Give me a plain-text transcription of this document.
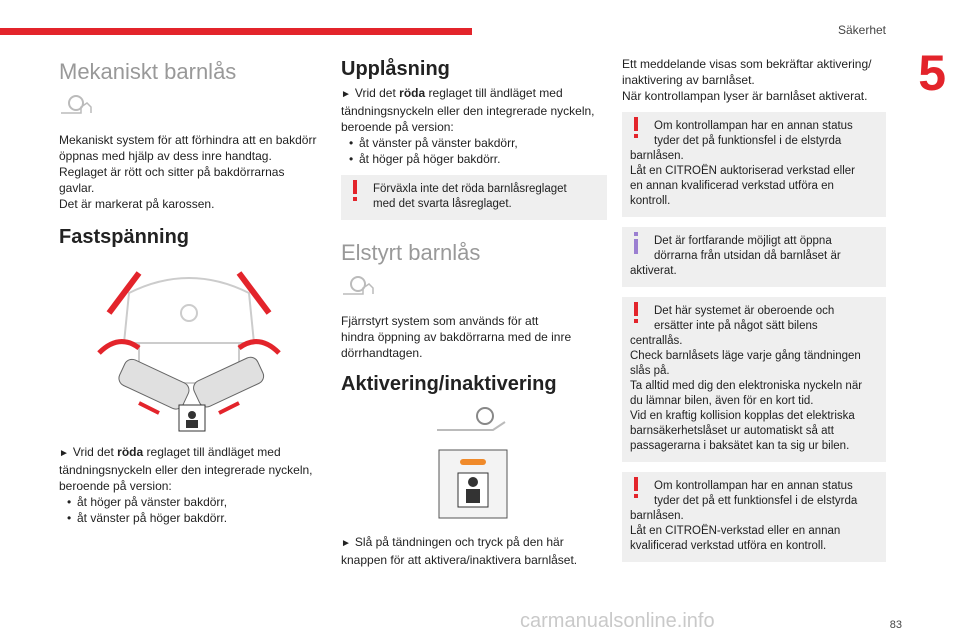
Säkerhet
5
Mekaniskt barnlås

Mekaniskt system för att förhindra att en bakdörr

öppnas med hjälp av dess inre handtag.

Reglaget är rött och sitter på bakdörrarnas

gavlar.

Det är markerat på karossen.

Fastspänning

► Vrid det röda reglaget till ändläget med

tändningsnyckeln eller den integrerade nyckeln,

beroende på version:

• åt höger på vänster bakdörr,
• åt vänster på höger bakdörr.
Upplåsning

► Vrid det röda reglaget till ändläget med

tändningsnyckeln eller den integrerade nyckeln,

beroende på version:

• åt vänster på vänster bakdörr,
• åt höger på höger bakdörr.

Förväxla inte det röda barnlåsreglaget

med det svarta låsreglaget.

Elstyrt barnlås

Fjärrstyrt system som används för att

hindra öppning av bakdörrarna med de inre

dörrhandtagen.

Aktivering/inaktivering

► Slå på tändningen och tryck på den här

knappen för att aktivera/inaktivera barnlåset.

Ett meddelande visas som bekräftar aktivering/

inaktivering av barnlåset.

När kontrollampan lyser är barnlåset aktiverat.

Om kontrollampan har en annan status

tyder det på funktionsfel i de elstyrda

barnlåsen.

Låt en CITROËN auktoriserad verkstad eller

en annan kvalificerad verkstad utföra en

kontroll.

Det är fortfarande möjligt att öppna

dörrarna från utsidan då barnlåset är

aktiverat.

Det här systemet är oberoende och

ersätter inte på något sätt bilens

centrallås.

Check barnlåsets läge varje gång tändningen

slås på.

Ta alltid med dig den elektroniska nyckeln när

du lämnar bilen, även för en kort tid.

Vid en kraftig kollision kopplas det elektriska

barnsäkerhetslåset ur automatiskt så att

passagerarna i baksätet kan ta sig ur bilen.

Om kontrollampan har en annan status

tyder det på ett funktionsfel i de elstyrda

barnlåsen.

Låt en CITROËN-verkstad eller en annan

kvalificerad verkstad utföra en kontroll.

carmanualsonline.info	83
